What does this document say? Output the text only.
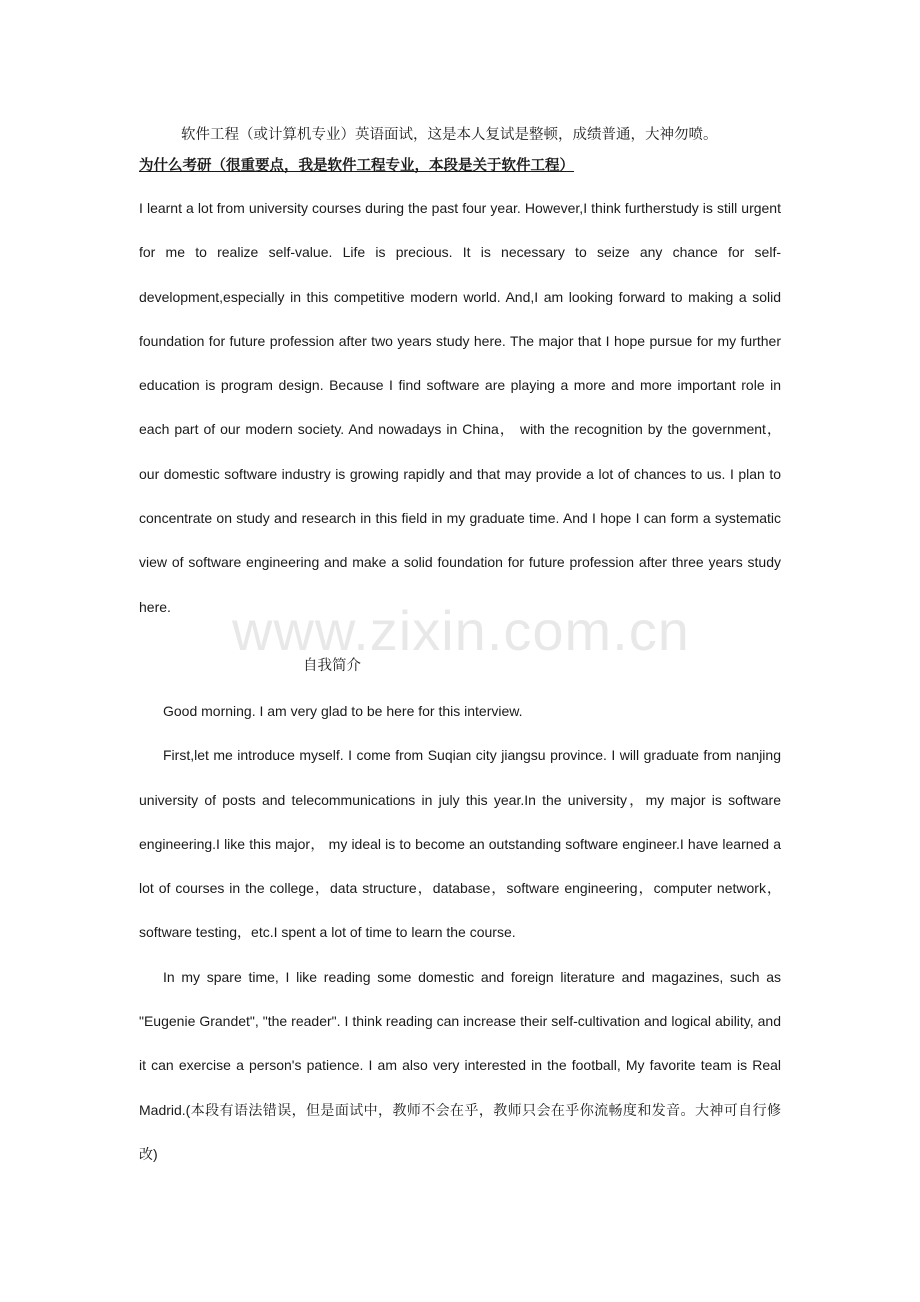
www.zixin.com.cn

软件工程（或计算机专业）英语面试，这是本人复试是整顿，成绩普通，大神勿喷。

为什么考研（很重要点，我是软件工程专业，本段是关于软件工程）

I learnt a lot from university courses during the past four year. However,I think furtherstudy is still urgent for me to realize self-value. Life is precious. It is necessary to seize any chance for self-development,especially in this competitive modern world. And,I am looking forward to making a solid foundation for future profession after two years study here. The major that I hope pursue for my further education is program design. Because I find software are playing a more and more important role in each part of our modern society. And nowadays in China， with the recognition by the government， our domestic software industry is growing rapidly and that may provide a lot of chances to us. I plan to concentrate on study and research in this field in my graduate time. And I hope I can form a systematic view of software engineering and make a solid foundation for future profession after three years study here.

自我简介

Good morning. I am very glad to be here for this interview.

First,let me introduce myself. I come from Suqian city jiangsu province. I will graduate from nanjing university of posts and telecommunications in july this year.In the university，my major is software engineering.I like this major， my ideal is to become an outstanding software engineer.I have learned a lot of courses in the college，data structure，database，software engineering，computer network，software testing，etc.I spent a lot of time to learn the course.

In my spare time, I like reading some domestic and foreign literature and magazines, such as "Eugenie Grandet", "the reader". I think reading can increase their self-cultivation and logical ability, and it can exercise a person's patience. I am also very interested in the football, My favorite team is Real Madrid.(本段有语法错误，但是面试中，教师不会在乎，教师只会在乎你流畅度和发音。大神可自行修改)
